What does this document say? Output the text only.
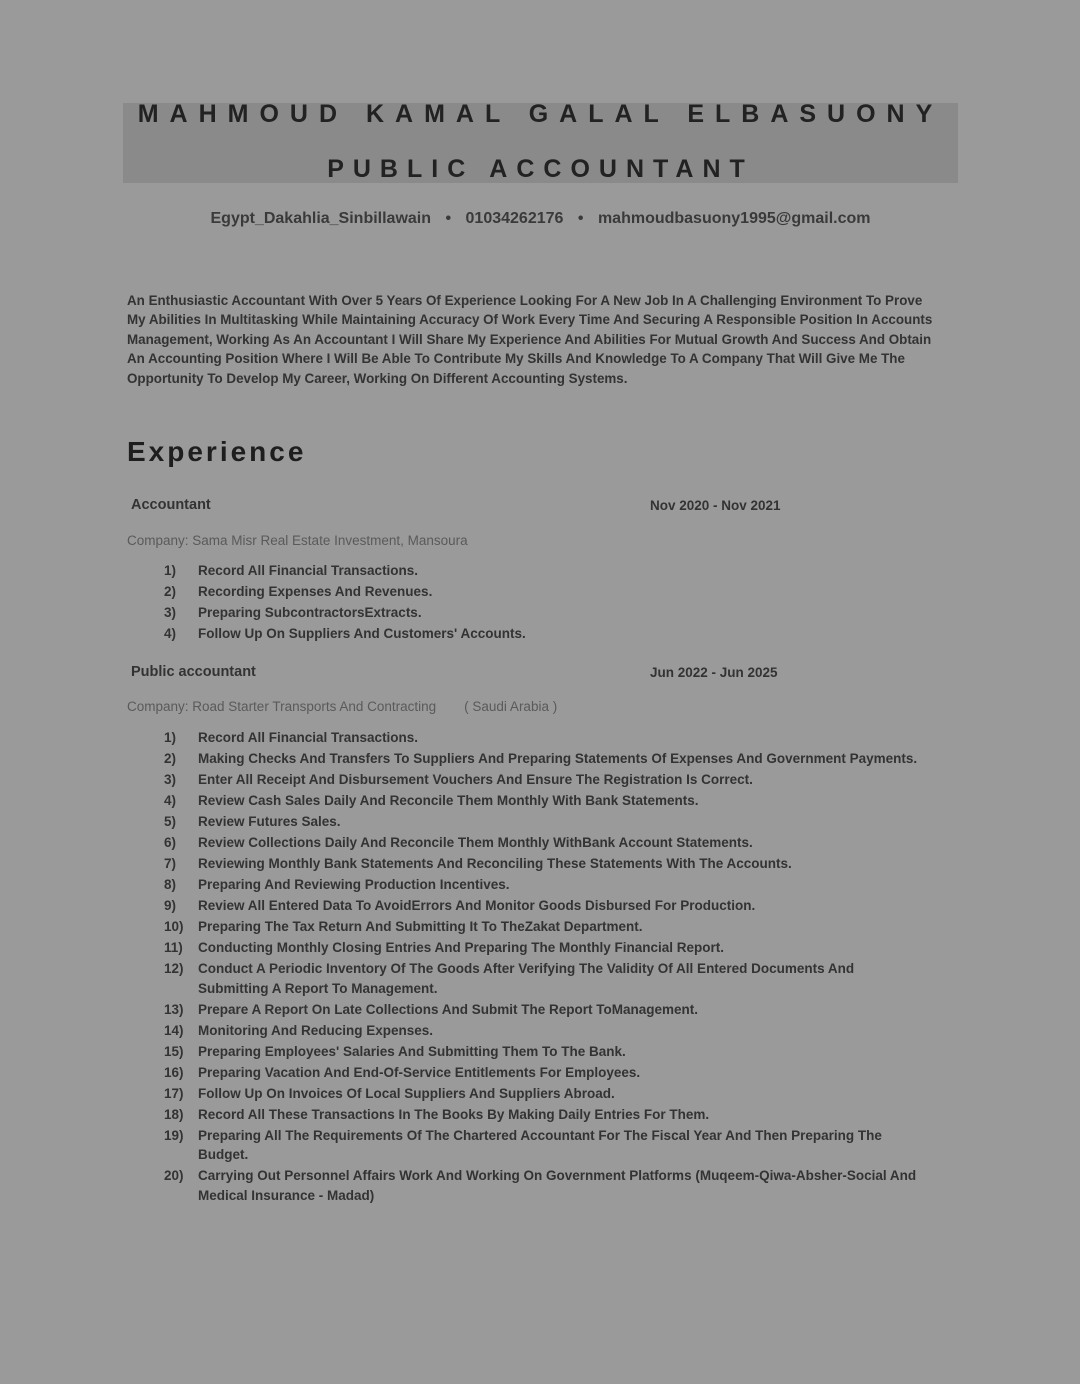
MAHMOUD KAMAL GALAL ELBASUONY
PUBLIC ACCOUNTANT
Egypt_Dakahlia_Sinbillawain • 01034262176 • mahmoudbasuony1995@gmail.com
An Enthusiastic Accountant With Over 5 Years Of Experience Looking For A New Job In A Challenging Environment To Prove My Abilities In Multitasking While Maintaining Accuracy Of Work Every Time And Securing A Responsible Position In Accounts Management, Working As An Accountant I Will Share My Experience And Abilities For Mutual Growth And Success And Obtain An Accounting Position Where I Will Be Able To Contribute My Skills And Knowledge To A Company That Will Give Me The Opportunity To Develop My Career, Working On Different Accounting Systems.
Experience
Accountant	Nov 2020 - Nov 2021
Company: Sama Misr Real Estate Investment, Mansoura
1)	Record All Financial Transactions.
2)	Recording Expenses And Revenues.
3)	Preparing SubcontractorsExtracts.
4)	Follow Up On Suppliers And Customers' Accounts.
Public accountant	Jun 2022 - Jun 2025
Company: Road Starter Transports And Contracting ( Saudi Arabia )
1)	Record All Financial Transactions.
2)	Making Checks And Transfers To Suppliers And Preparing Statements Of Expenses And Government Payments.
3)	Enter All Receipt And Disbursement Vouchers And Ensure The Registration Is Correct.
4)	Review Cash Sales Daily And Reconcile Them Monthly With Bank Statements.
5)	Review Futures Sales.
6)	Review Collections Daily And Reconcile Them Monthly WithBank Account Statements.
7)	Reviewing Monthly Bank Statements And Reconciling These Statements With The Accounts.
8)	Preparing And Reviewing Production Incentives.
9)	Review All Entered Data To AvoidErrors And Monitor Goods Disbursed For Production.
10)	Preparing The Tax Return And Submitting It To TheZakat Department.
11)	Conducting Monthly Closing Entries And Preparing The Monthly Financial Report.
12)	Conduct A Periodic Inventory Of The Goods After Verifying The Validity Of All Entered Documents And Submitting A Report To Management.
13)	Prepare A Report On Late Collections And Submit The Report ToManagement.
14)	Monitoring And Reducing Expenses.
15)	Preparing Employees' Salaries And Submitting Them To The Bank.
16)	Preparing Vacation And End-Of-Service Entitlements For Employees.
17)	Follow Up On Invoices Of Local Suppliers And Suppliers Abroad.
18)	Record All These Transactions In The Books By Making Daily Entries For Them.
19)	Preparing All The Requirements Of The Chartered Accountant For The Fiscal Year And Then Preparing The Budget.
20)	Carrying Out Personnel Affairs Work And Working On Government Platforms (Muqeem-Qiwa-Absher-Social And Medical Insurance - Madad)
